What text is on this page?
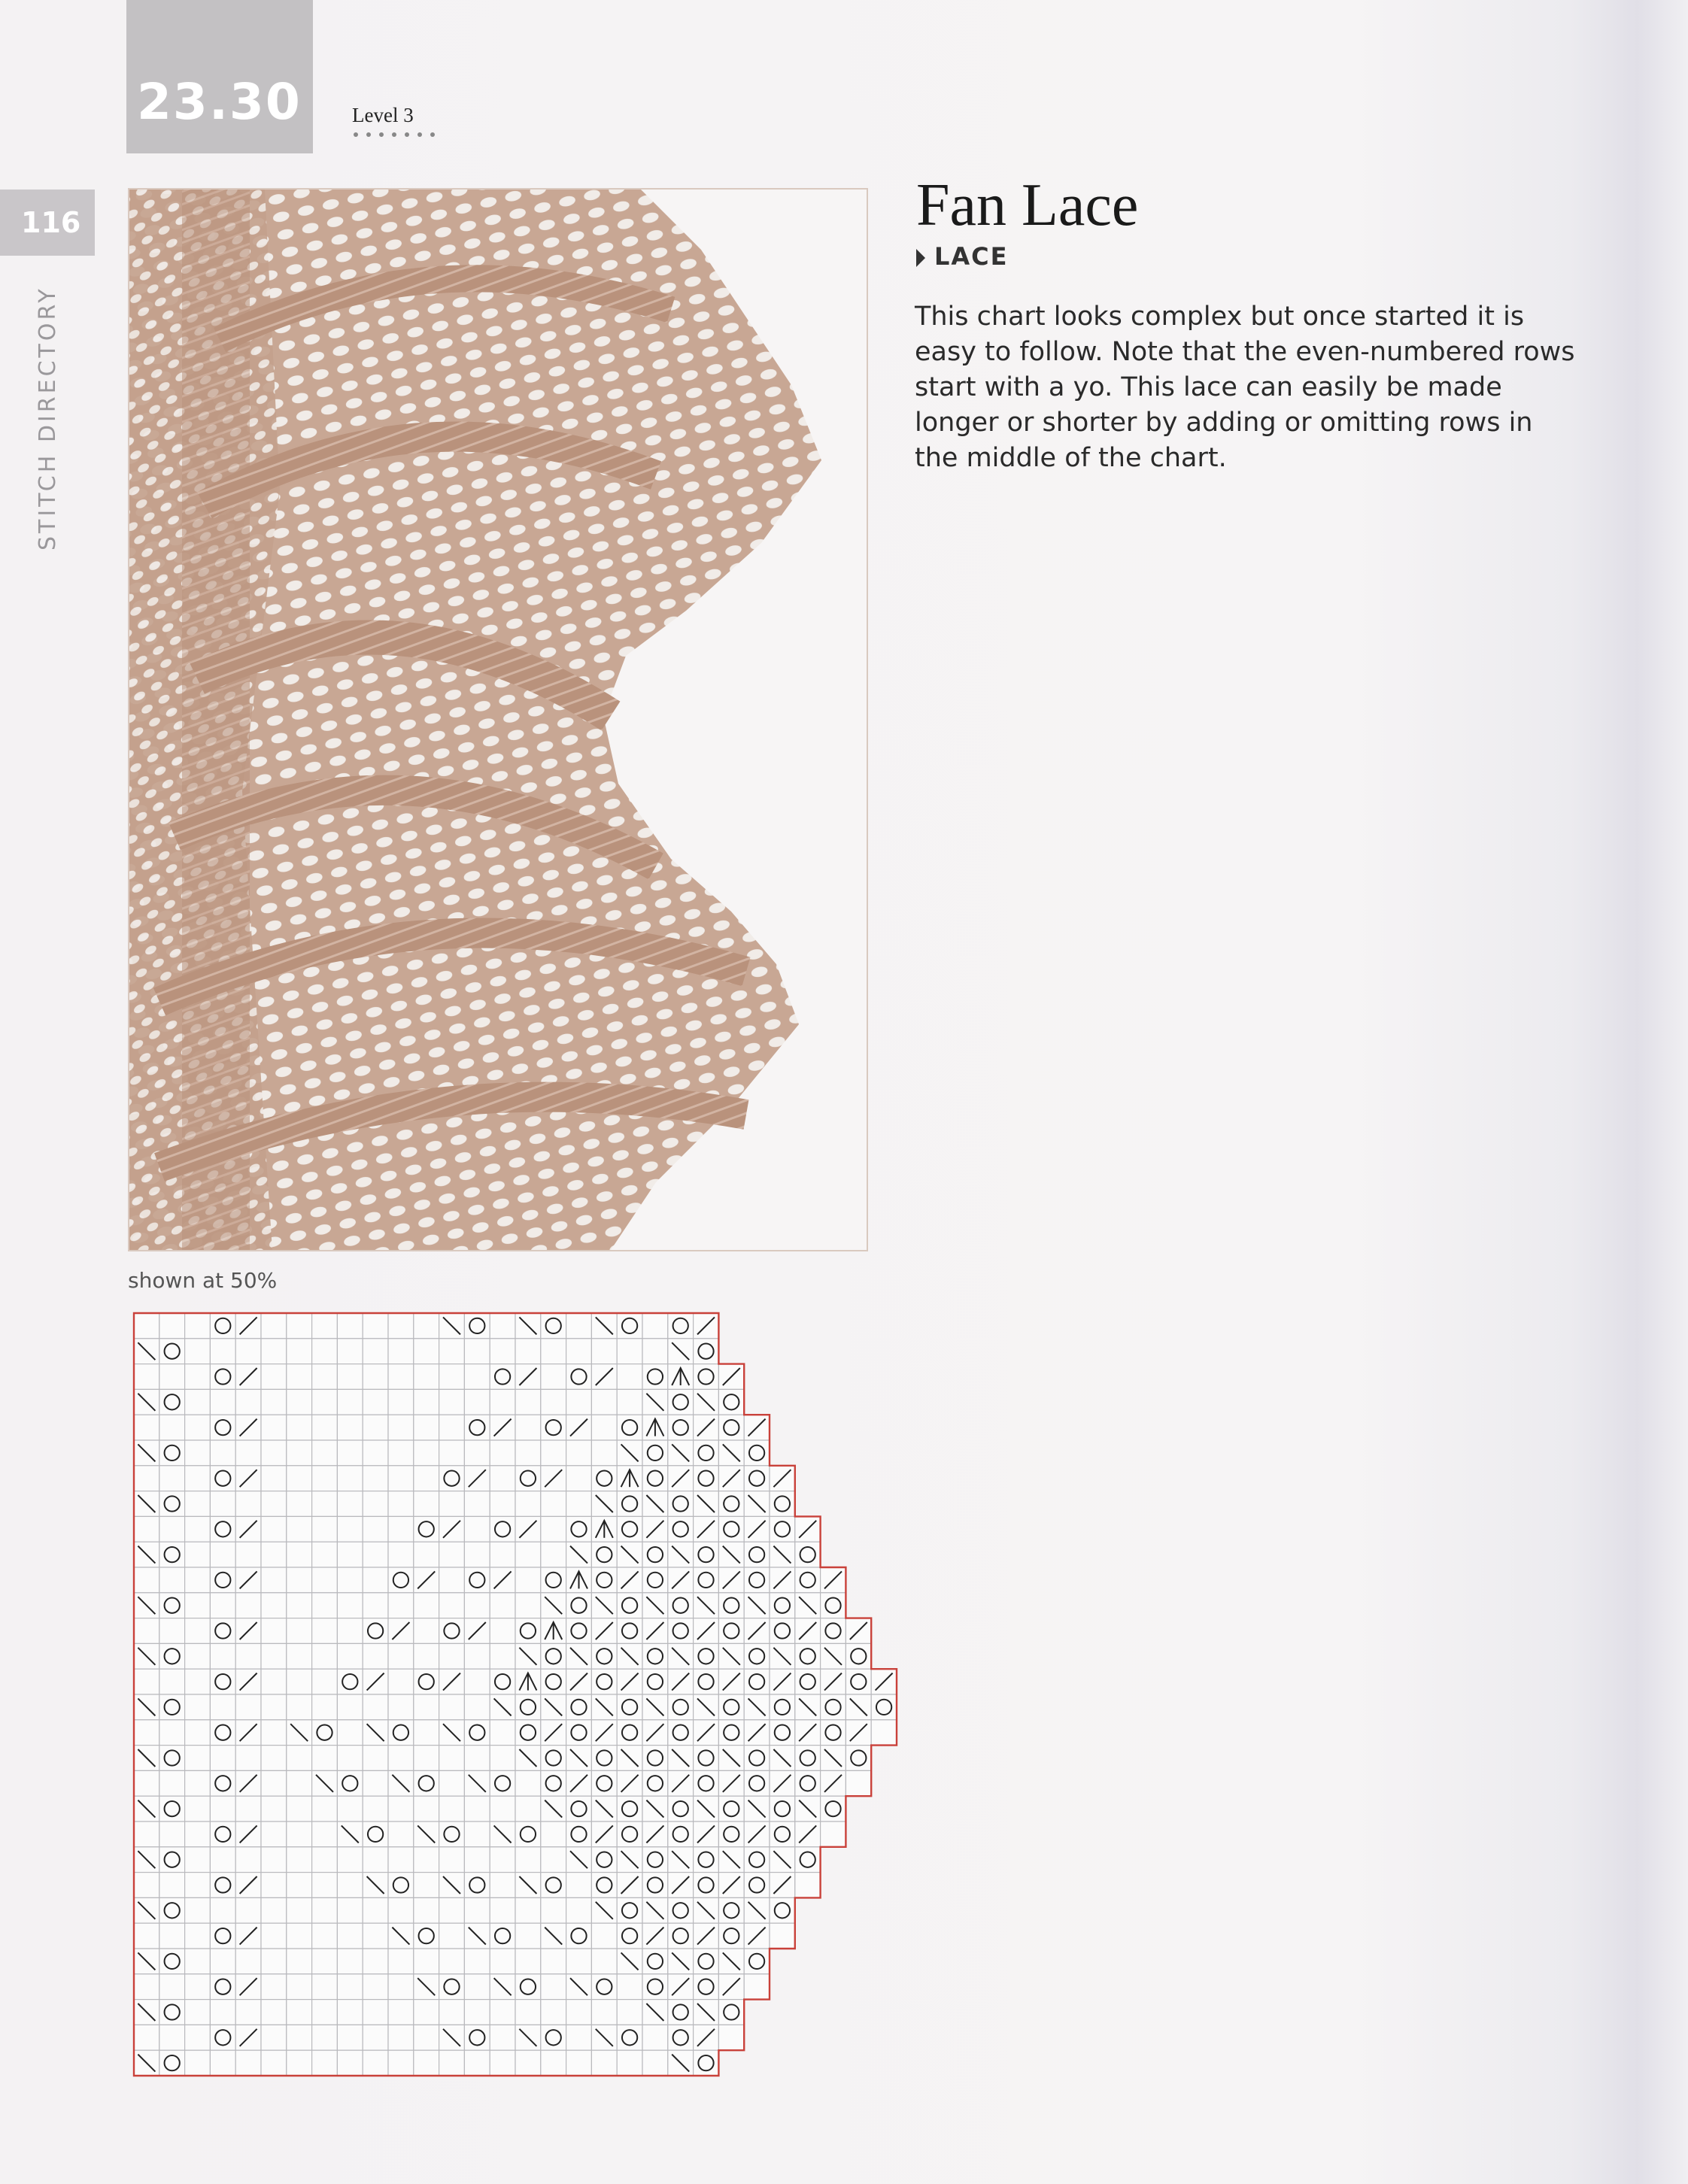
23.30 Level 3
116
STITCH DIRECTORY
shown at 50%
Fan Lace
LACE
This chart looks complex but once started it is easy to follow. Note that the even-numbered rows start with a yo. This lace can easily be made longer or shorter by adding or omitting rows in the middle of the chart.
